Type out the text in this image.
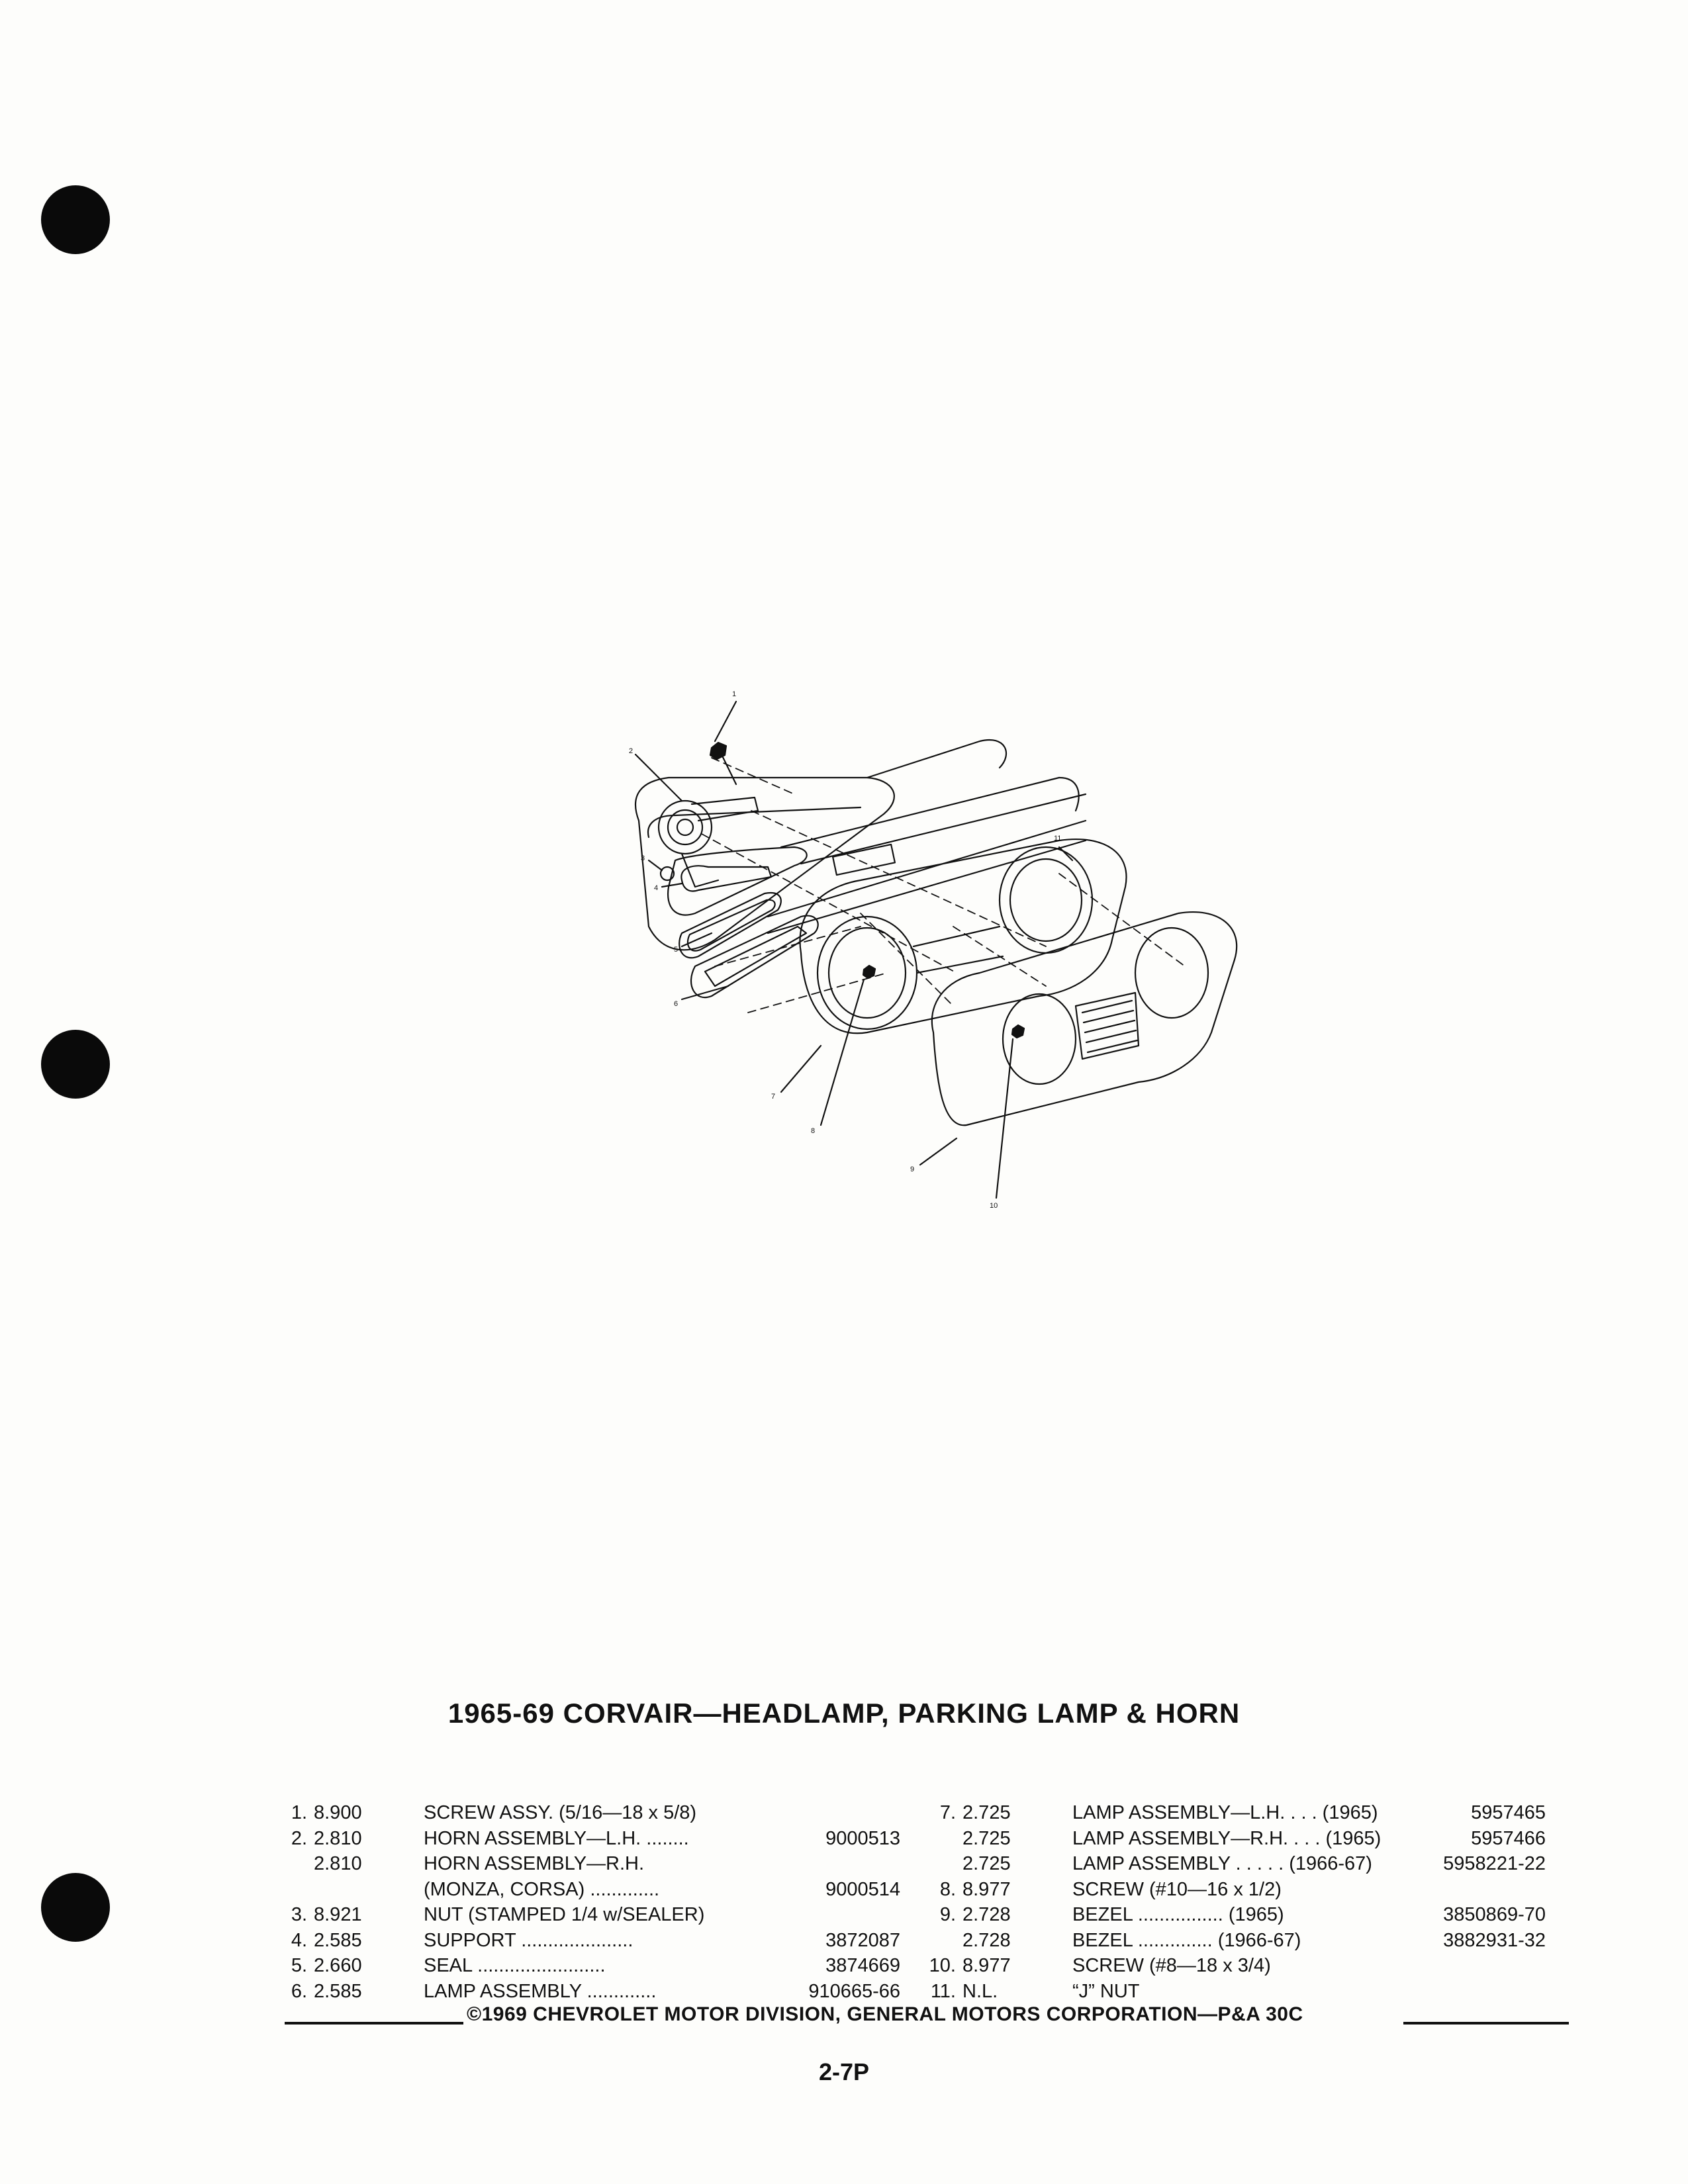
1
2
3
4
5
6
7
8
9
10
11
1965-69 CORVAIR—HEADLAMP, PARKING LAMP & HORN
1. 8.900	SCREW ASSY. (5/16—18 x 5/8)
2. 2.810	HORN ASSEMBLY—L.H. ........	9000513
2.810	HORN ASSEMBLY—R.H.
(MONZA, CORSA) .............	9000514
3. 8.921	NUT (STAMPED 1/4 w/SEALER)
4. 2.585	SUPPORT .....................	3872087
5. 2.660	SEAL ........................	3874669
6. 2.585	LAMP ASSEMBLY .............	910665-66
7. 2.725	LAMP ASSEMBLY—L.H. . . . (1965)	5957465
2.725	LAMP ASSEMBLY—R.H. . . . (1965)	5957466
2.725	LAMP ASSEMBLY . . . . . (1966-67)	5958221-22
8. 8.977	SCREW (#10—16 x 1/2)
9. 2.728	BEZEL ................ (1965)	3850869-70
2.728	BEZEL .............. (1966-67)	3882931-32
10. 8.977	SCREW (#8—18 x 3/4)
11. N.L.	“J” NUT
©1969 CHEVROLET MOTOR DIVISION, GENERAL MOTORS CORPORATION—P&A 30C
2-7P
